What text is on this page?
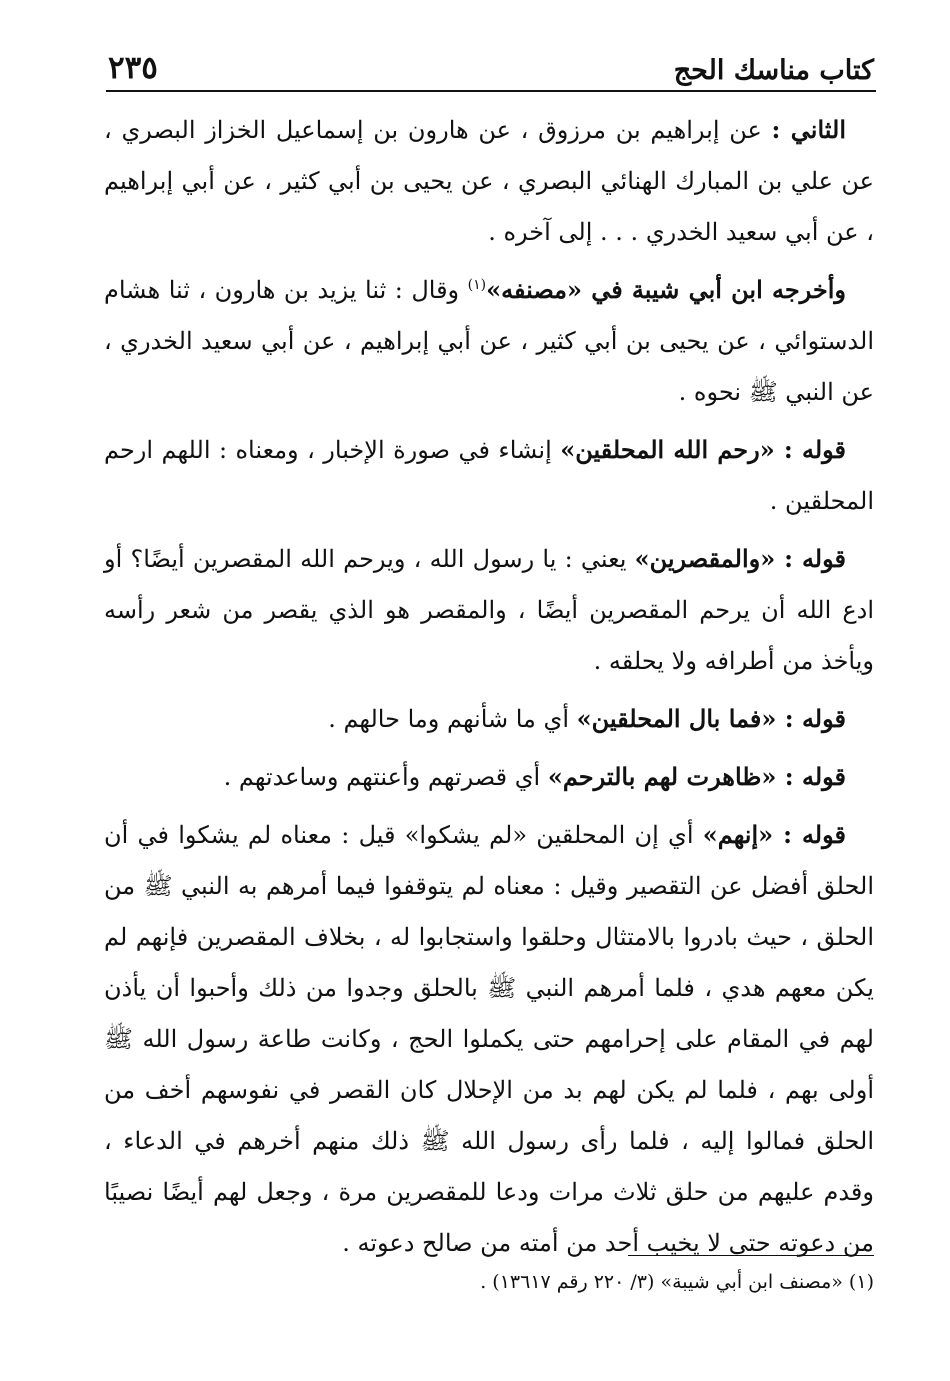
كتاب مناسك الحج
٢٣٥

الثاني : عن إبراهيم بن مرزوق ، عن هارون بن إسماعيل الخزاز البصري ، عن علي بن المبارك الهنائي البصري ، عن يحيى بن أبي كثير ، عن أبي إبراهيم ، عن أبي سعيد الخدري . . . إلى آخره .

وأخرجه ابن أبي شيبة في «مصنفه»$^{(١)}$ وقال : ثنا يزيد بن هارون ، ثنا هشام الدستوائي ، عن يحيى بن أبي كثير ، عن أبي إبراهيم ، عن أبي سعيد الخدري ، عن النبي ﷺ نحوه .

قوله : «رحم الله المحلقين» إنشاء في صورة الإخبار ، ومعناه : اللهم ارحم المحلقين .

قوله : «والمقصرين» يعني : يا رسول الله ، ويرحم الله المقصرين أيضًا؟ أو ادع الله أن يرحم المقصرين أيضًا ، والمقصر هو الذي يقصر من شعر رأسه ويأخذ من أطرافه ولا يحلقه .

قوله : «فما بال المحلقين» أي ما شأنهم وما حالهم .

قوله : «ظاهرت لهم بالترحم» أي قصرتهم وأعنتهم وساعدتهم .

قوله : «إنهم» أي إن المحلقين «لم يشكوا» قيل : معناه لم يشكوا في أن الحلق أفضل عن التقصير وقيل : معناه لم يتوقفوا فيما أمرهم به النبي ﷺ من الحلق ، حيث بادروا بالامتثال وحلقوا واستجابوا له ، بخلاف المقصرين فإنهم لم يكن معهم هدي ، فلما أمرهم النبي ﷺ بالحلق وجدوا من ذلك وأحبوا أن يأذن لهم في المقام على إحرامهم حتى يكملوا الحج ، وكانت طاعة رسول الله ﷺ أولى بهم ، فلما لم يكن لهم بد من الإحلال كان القصر في نفوسهم أخف من الحلق فمالوا إليه ، فلما رأى رسول الله ﷺ ذلك منهم أخرهم في الدعاء ، وقدم عليهم من حلق ثلاث مرات ودعا للمقصرين مرة ، وجعل لهم أيضًا نصيبًا من دعوته حتى لا يخيب أحد من أمته من صالح دعوته .

(١) «مصنف ابن أبي شيبة» (٣/ ٢٢٠ رقم ١٣٦١٧) .
